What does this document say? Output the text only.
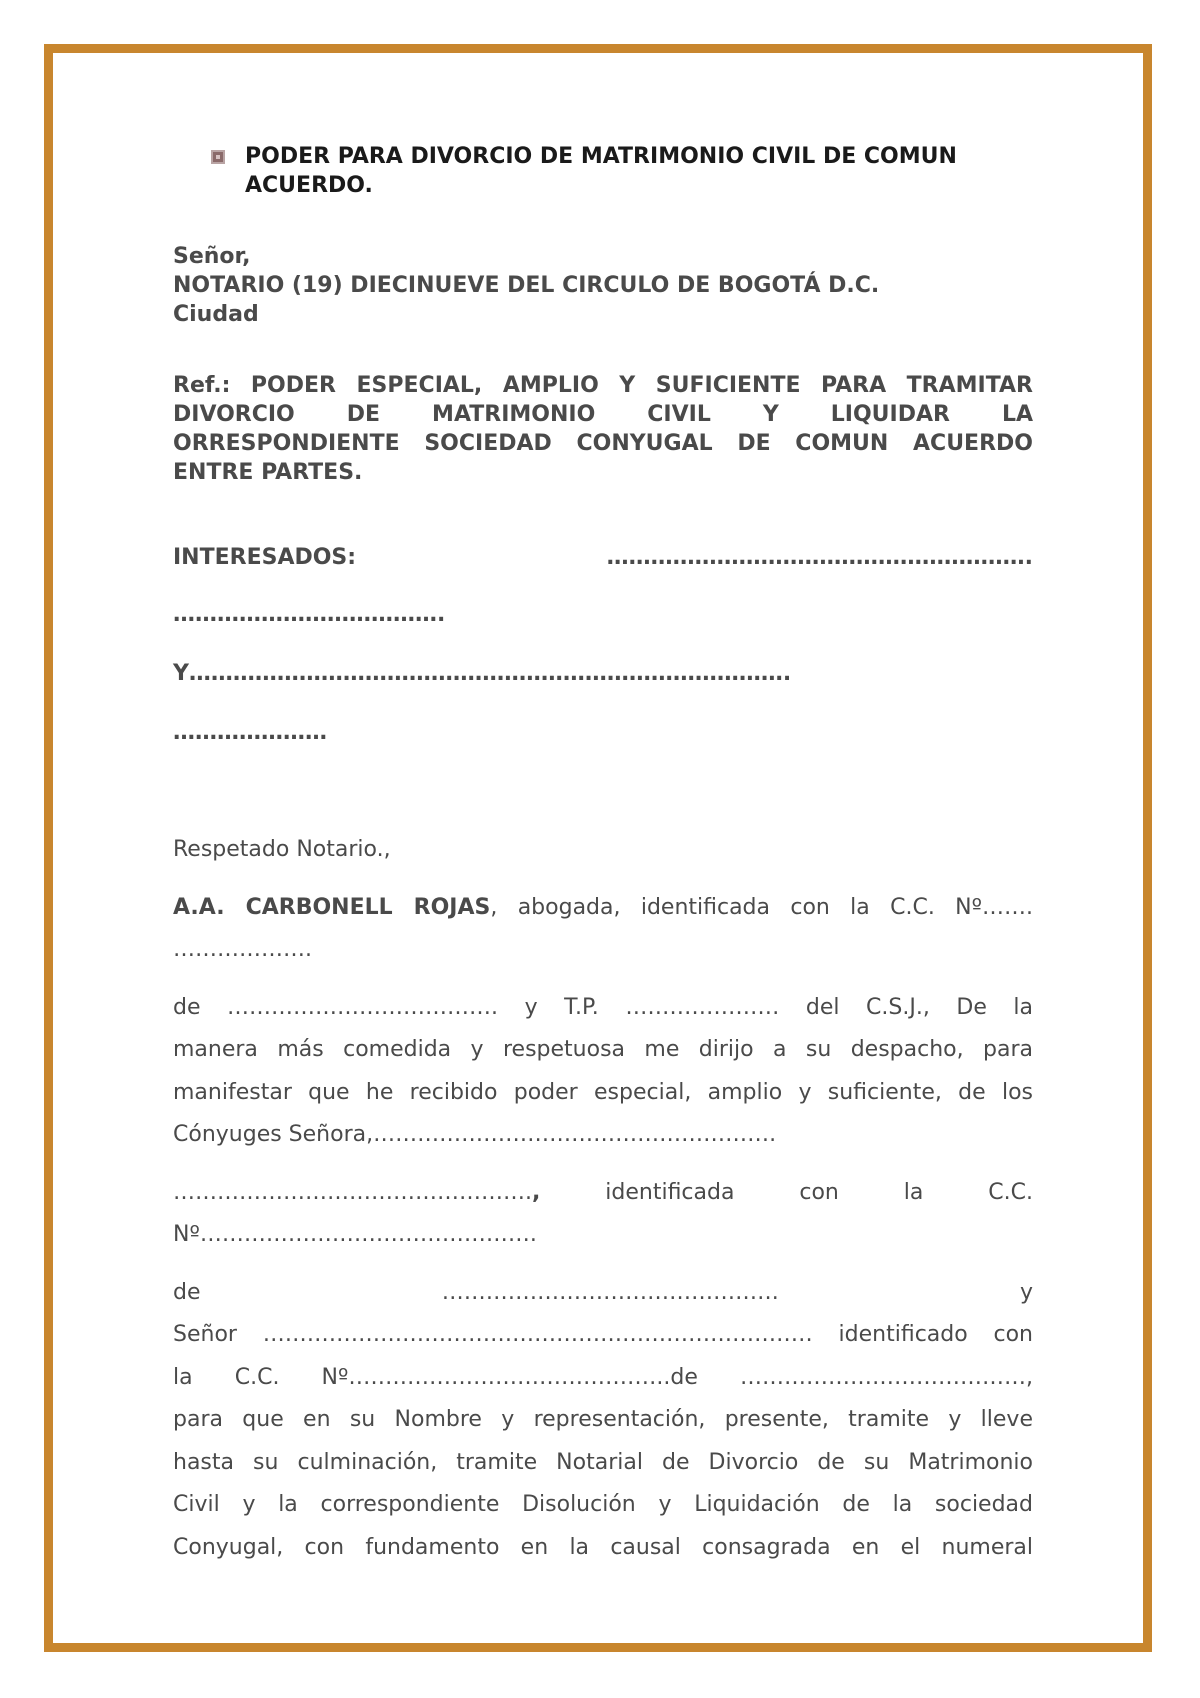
PODER PARA DIVORCIO DE MATRIMONIO CIVIL DE COMUN ACUERDO.
Señor,
NOTARIO (19) DIECINUEVE DEL CIRCULO DE BOGOTÁ D.C.
Ciudad
Ref.: PODER ESPECIAL, AMPLIO Y SUFICIENTE PARA TRAMITAR
DIVORCIO DE MATRIMONIO CIVIL Y LIQUIDAR LA
ORRESPONDIENTE SOCIEDAD CONYUGAL DE COMUN ACUERDO
ENTRE PARTES.
INTERESADOS:	………………………………………………….
……………………………….
Y……………………………………………………………………….
…………………
Respetado Notario.,
A.A. CARBONELL ROJAS, abogada, identificada con la C.C. Nº…….
……………….
de ………………………………. y T.P. ………………… del C.S.J., De la
manera más comedida y respetuosa me dirijo a su despacho, para
manifestar que he recibido poder especial, amplio y suficiente, de los
Cónyuges Señora,……………………………………………….
…………………………………………., identificada con la C.C.
Nº……………………………………….
de ………………………………………. y
Señor ………………………………………………………………… identificado con
la C.C. Nº……………………………………..de …………………………………,
para que en su Nombre y representación, presente, tramite y lleve
hasta su culminación, tramite Notarial de Divorcio de su Matrimonio
Civil y la correspondiente Disolución y Liquidación de la sociedad
Conyugal, con fundamento en la causal consagrada en el numeral
